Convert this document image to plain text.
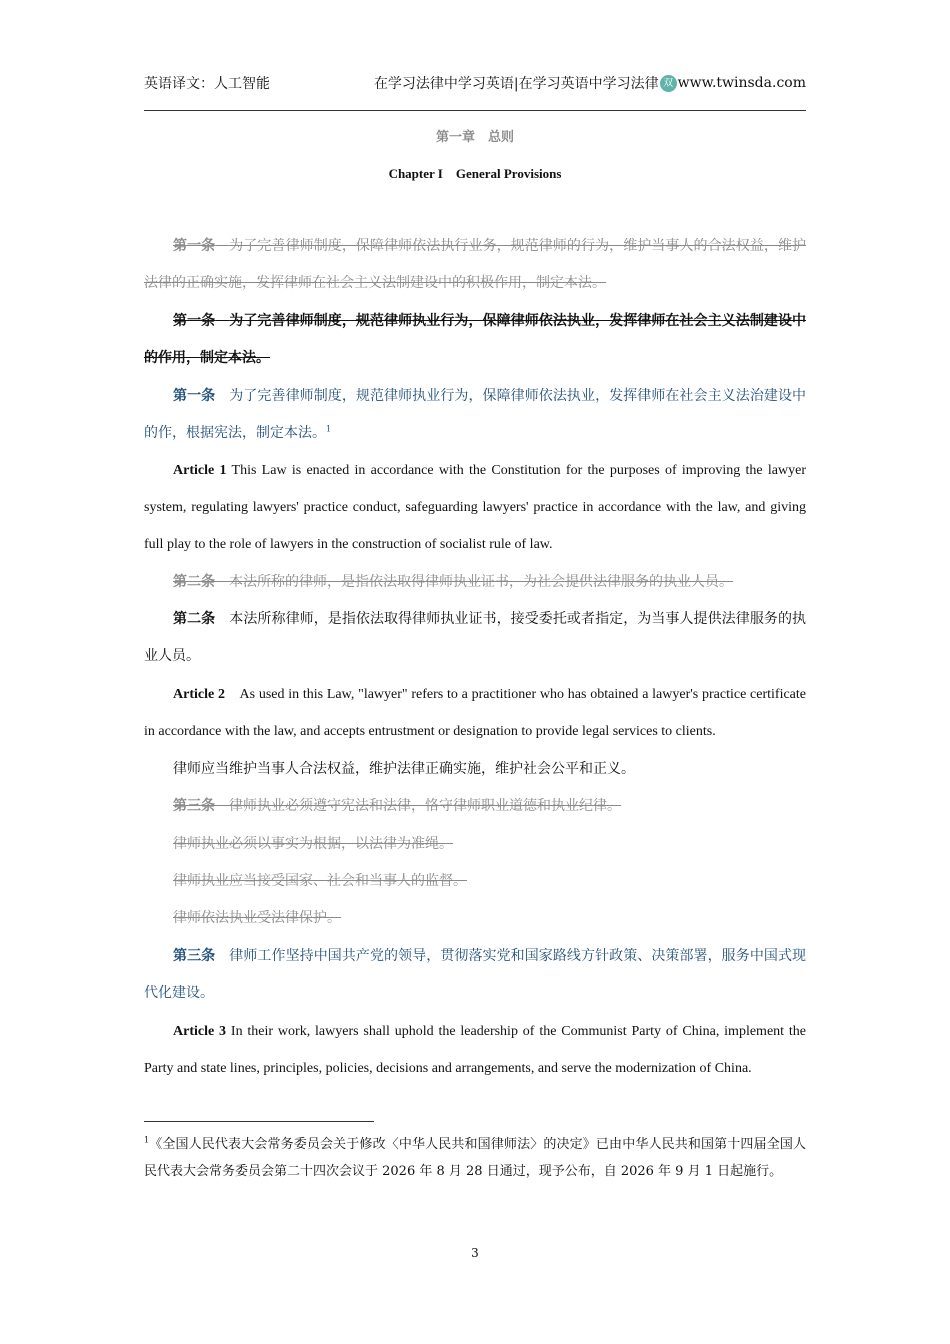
英语译文：人工智能	在学习法律中学习英语|在学习英语中学习法律 双 www.twinsda.com
第一章　总则
Chapter I　General Provisions

第一条　 为了完善律师制度，保障律师依法执行业务，规范律师的行为，维护当事人的合法权益，维护法律的正确实施，发挥律师在社会主义法制建设中的积极作用，制定本法。

第一条　 为了完善律师制度，规范律师执业行为，保障律师依法执业，发挥律师在社会主义法制建设中的作用，制定本法。

第一条　 为了完善律师制度，规范律师执业行为，保障律师依法执业，发挥律师在社会主义法治建设中的作，根据宪法，制定本法。$^1$

Article 1 This Law is enacted in accordance with the Constitution for the purposes of improving the lawyer system, regulating lawyers' practice conduct, safeguarding lawyers' practice in accordance with the law, and giving full play to the role of lawyers in the construction of socialist rule of law.

第二条　 本法所称的律师，是指依法取得律师执业证书，为社会提供法律服务的执业人员。

第二条　 本法所称律师，是指依法取得律师执业证书，接受委托或者指定，为当事人提供法律服务的执业人员。

Article 2　 As used in this Law, "lawyer" refers to a practitioner who has obtained a lawyer's practice certificate in accordance with the law, and accepts entrustment or designation to provide legal services to clients.

律师应当维护当事人合法权益，维护法律正确实施，维护社会公平和正义。

第三条　 律师执业必须遵守宪法和法律，恪守律师职业道德和执业纪律。

律师执业必须以事实为根据，以法律为准绳。

律师执业应当接受国家、社会和当事人的监督。

律师依法执业受法律保护。

第三条　 律师工作坚持中国共产党的领导，贯彻落实党和国家路线方针政策、决策部署，服务中国式现代化建设。

Article 3 In their work, lawyers shall uphold the leadership of the Communist Party of China, implement the Party and state lines, principles, policies, decisions and arrangements, and serve the modernization of China.

$^1$《全国人民代表大会常务委员会关于修改〈中华人民共和国律师法〉的决定》已由中华人民共和国第十四届全国人民代表大会常务委员会第二十四次会议于 2026 年 8 月 28 日通过，现予公布，自 2026 年 9 月 1 日起施行。

3
